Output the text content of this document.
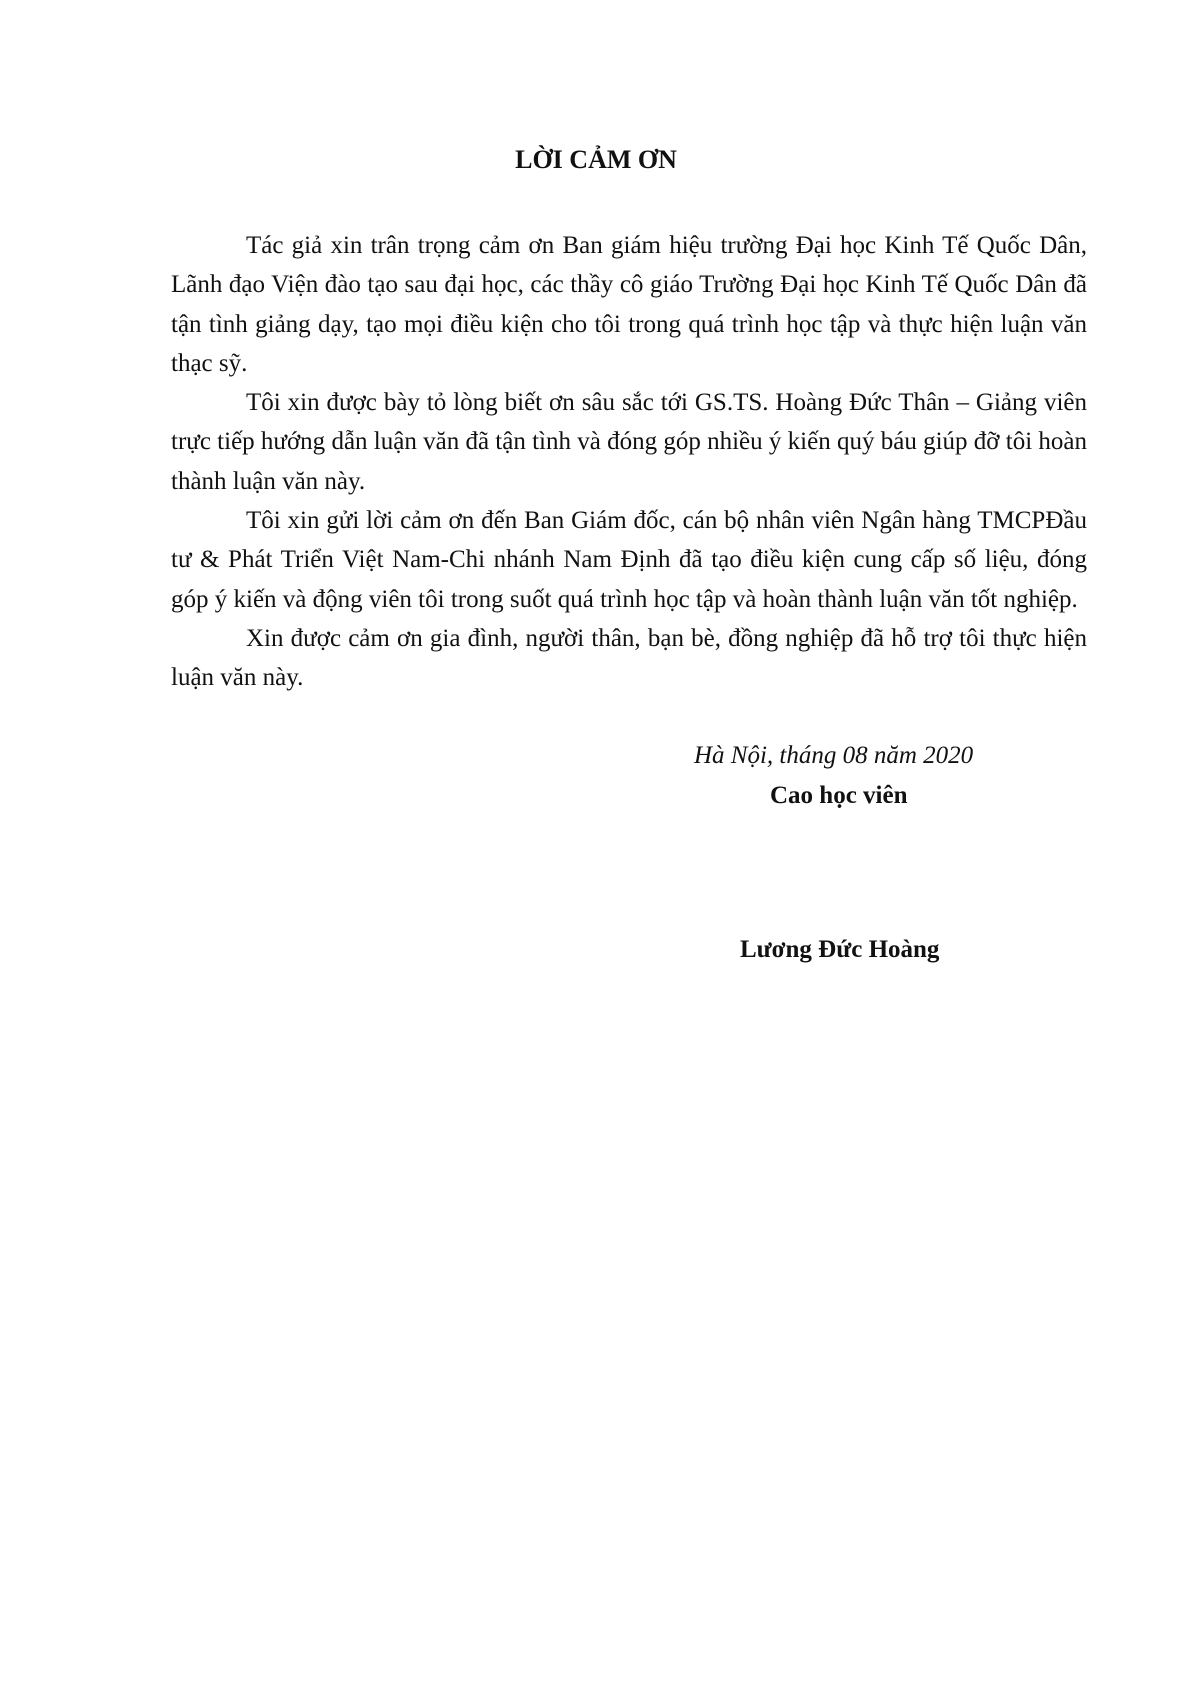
LỜI CẢM ƠN

Tác giả xin trân trọng cảm ơn Ban giám hiệu trường Đại học Kinh Tế Quốc Dân, Lãnh đạo Viện đào tạo sau đại học, các thầy cô giáo Trường Đại học Kinh Tế Quốc Dân đã tận tình giảng dạy, tạo mọi điều kiện cho tôi trong quá trình học tập và thực hiện luận văn thạc sỹ.

Tôi xin được bày tỏ lòng biết ơn sâu sắc tới GS.TS. Hoàng Đức Thân – Giảng viên trực tiếp hướng dẫn luận văn đã tận tình và đóng góp nhiều ý kiến quý báu giúp đỡ tôi hoàn thành luận văn này.

Tôi xin gửi lời cảm ơn đến Ban Giám đốc, cán bộ nhân viên Ngân hàng TMCPĐầu tư & Phát Triển Việt Nam-Chi nhánh Nam Định đã tạo điều kiện cung cấp số liệu, đóng góp ý kiến và động viên tôi trong suốt quá trình học tập và hoàn thành luận văn tốt nghiệp.

Xin được cảm ơn gia đình, người thân, bạn bè, đồng nghiệp đã hỗ trợ tôi thực hiện luận văn này.

Hà Nội, tháng 08 năm 2020

Cao học viên

Lương Đức Hoàng
